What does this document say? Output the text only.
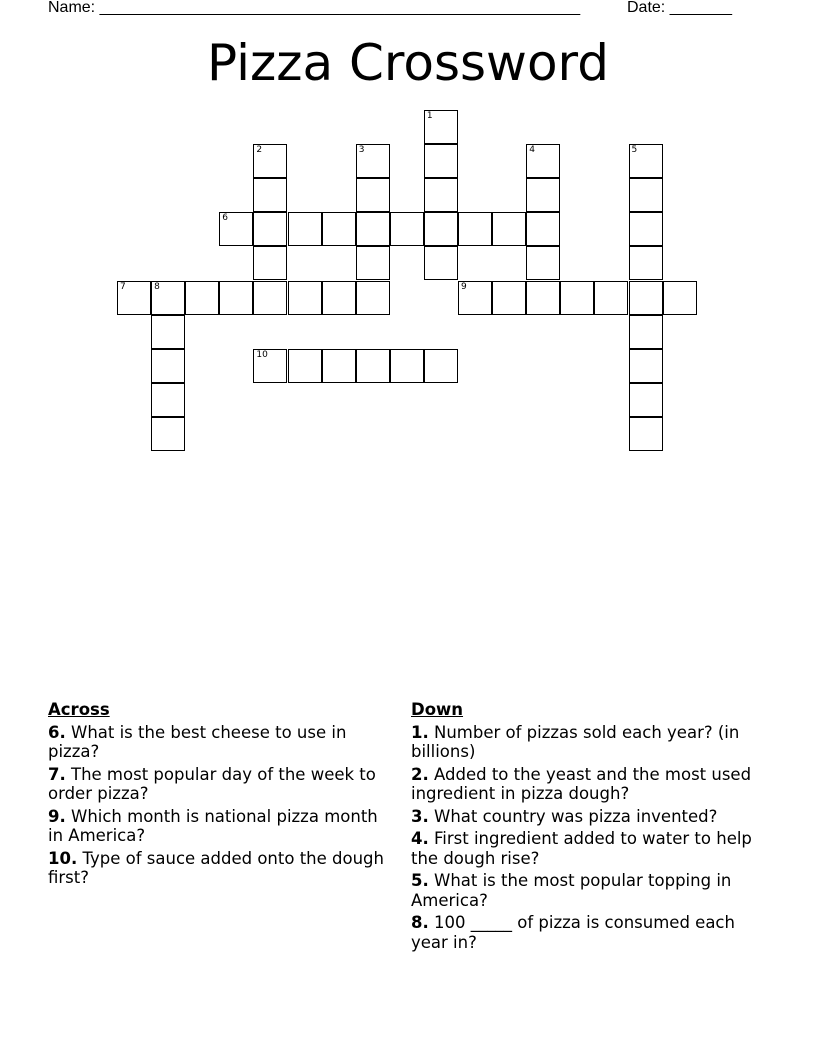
Name: ______________________________________________________	Date: _______
Pizza Crossword
1
2	3	4	5
6
7	8	9
10
Across
6. What is the best cheese to use in pizza?
7. The most popular day of the week to order pizza?
9. Which month is national pizza month in America?
10. Type of sauce added onto the dough first?
Down
1. Number of pizzas sold each year? (in billions)
2. Added to the yeast and the most used ingredient in pizza dough?
3. What country was pizza invented?
4. First ingredient added to water to help the dough rise?
5. What is the most popular topping in America?
8. 100 _____ of pizza is consumed each year in?
